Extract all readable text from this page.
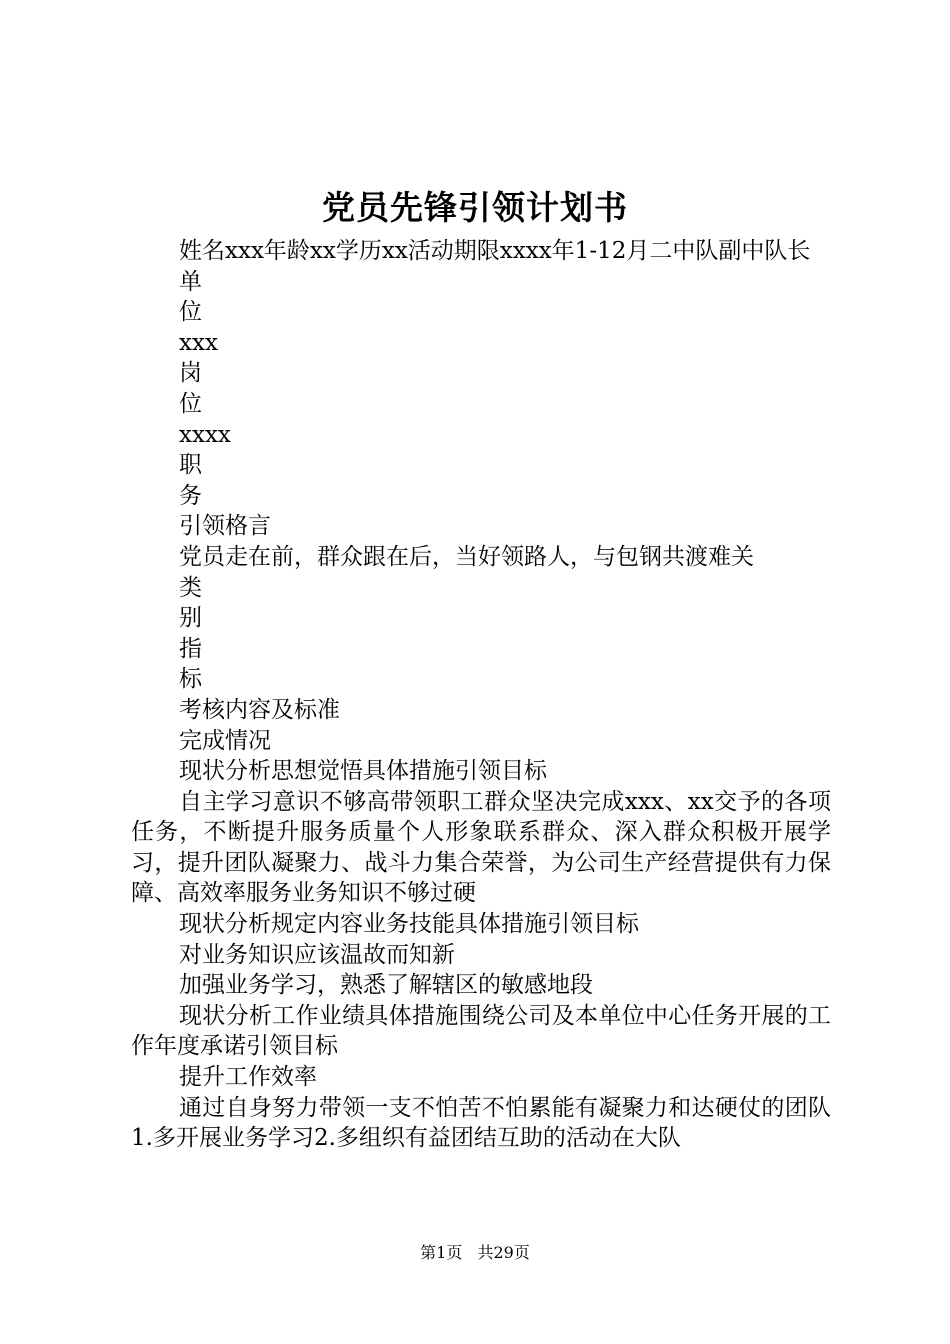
党员先锋引领计划书

姓名xxx年龄xx学历xx活动期限xxxx年1-12月二中队副中队长

单

位

xxx

岗

位

xxxx

职

务

引领格言

党员走在前，群众跟在后，当好领路人，与包钢共渡难关

类

别

指

标

考核内容及标准

完成情况

现状分析思想觉悟具体措施引领目标

自主学习意识不够高带领职工群众坚决完成xxx、xx交予的各项任务，不断提升服务质量个人形象联系群众、深入群众积极开展学习，提升团队凝聚力、战斗力集合荣誉，为公司生产经营提供有力保障、高效率服务业务知识不够过硬

现状分析规定内容业务技能具体措施引领目标

对业务知识应该温故而知新

加强业务学习，熟悉了解辖区的敏感地段

现状分析工作业绩具体措施围绕公司及本单位中心任务开展的工作年度承诺引领目标

提升工作效率

通过自身努力带领一支不怕苦不怕累能有凝聚力和达硬仗的团队1.多开展业务学习2.多组织有益团结互助的活动在大队

第1页 共29页
